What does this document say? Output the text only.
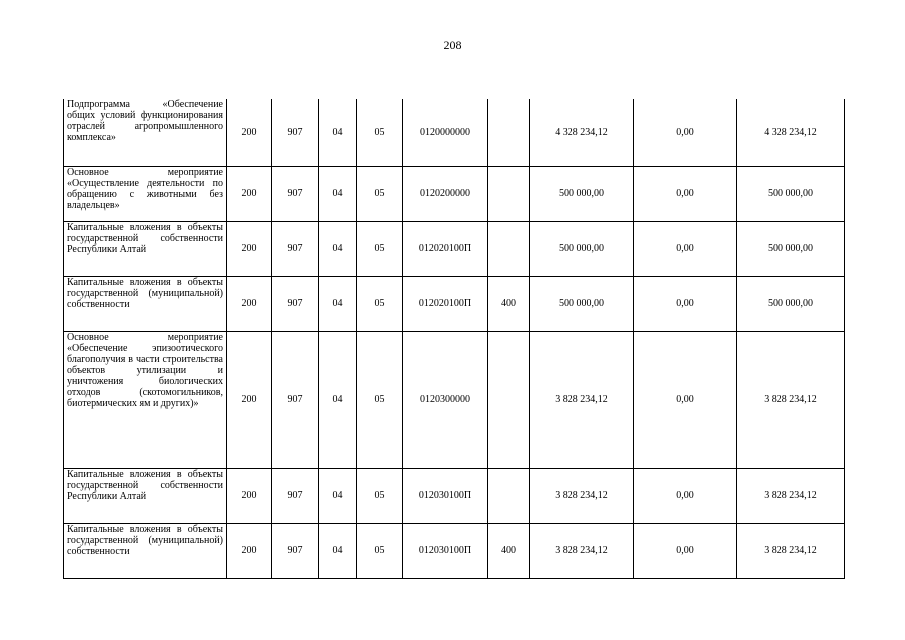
208
Подпрограмма «Обеспечение общих условий функционирования отраслей агропромышленного комплекса»	200	907	04	05	0120000000		4 328 234,12	0,00	4 328 234,12
Основное мероприятие «Осуществление деятельности по обращению с животными без владельцев»	200	907	04	05	0120200000		500 000,00	0,00	500 000,00
Капитальные вложения в объекты государственной собственности Республики Алтай	200	907	04	05	012020100П		500 000,00	0,00	500 000,00
Капитальные вложения в объекты государственной (муниципальной) собственности	200	907	04	05	012020100П	400	500 000,00	0,00	500 000,00
Основное мероприятие «Обеспечение эпизоотического благополучия в части строительства объектов утилизации и уничтожения биологических отходов (скотомогильников, биотермических ям и других)»	200	907	04	05	0120300000		3 828 234,12	0,00	3 828 234,12
Капитальные вложения в объекты государственной собственности Республики Алтай	200	907	04	05	012030100П		3 828 234,12	0,00	3 828 234,12
Капитальные вложения в объекты государственной (муниципальной) собственности	200	907	04	05	012030100П	400	3 828 234,12	0,00	3 828 234,12
